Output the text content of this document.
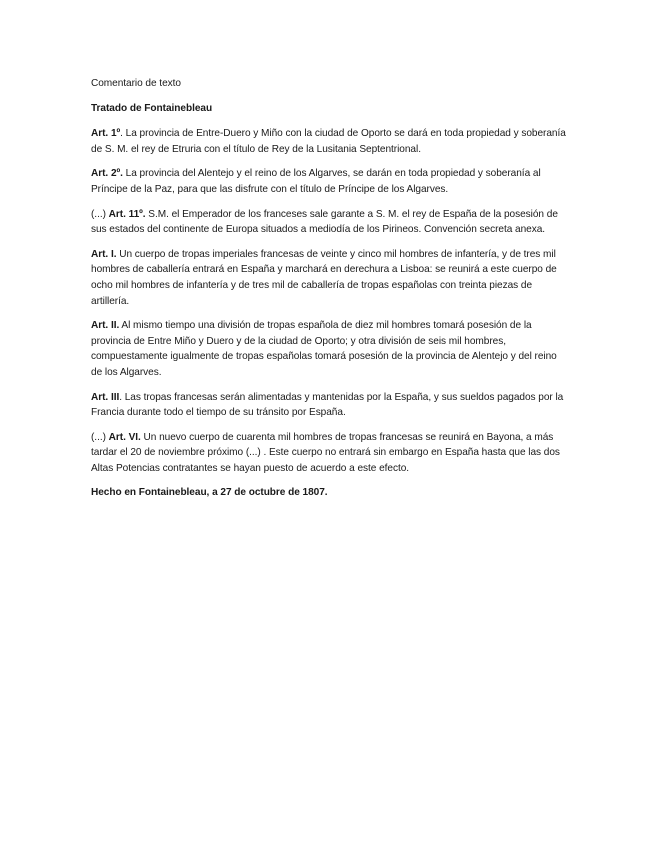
Comentario de texto
Tratado de Fontainebleau

Art. 1º. La provincia de Entre-Duero y Miño con la ciudad de Oporto se dará en toda propiedad y soberanía de S. M. el rey de Etruria con el título de Rey de la Lusitania Septentrional.

Art. 2º. La provincia del Alentejo y el reino de los Algarves, se darán en toda propiedad y soberanía al Príncipe de la Paz, para que las disfrute con el título de Príncipe de los Algarves.

(...) Art. 11º. S.M. el Emperador de los franceses sale garante a S. M. el rey de España de la posesión de sus estados del continente de Europa situados a mediodía de los Pirineos. Convención secreta anexa.

Art. I. Un cuerpo de tropas imperiales francesas de veinte y cinco mil hombres de infantería, y de tres mil hombres de caballería entrará en España y marchará en derechura a Lisboa: se reunirá a este cuerpo de ocho mil hombres de infantería y de tres mil de caballería de tropas españolas con treinta piezas de artillería.

Art. II. Al mismo tiempo una división de tropas española de diez mil hombres tomará posesión de la provincia de Entre Miño y Duero y de la ciudad de Oporto; y otra división de seis mil hombres, compuestamente igualmente de tropas españolas tomará posesión de la provincia de Alentejo y del reino de los Algarves.

Art. III. Las tropas francesas serán alimentadas y mantenidas por la España, y sus sueldos pagados por la Francia durante todo el tiempo de su tránsito por España.

(...) Art. VI. Un nuevo cuerpo de cuarenta mil hombres de tropas francesas se reunirá en Bayona, a más tardar el 20 de noviembre próximo (...) . Este cuerpo no entrará sin embargo en España hasta que las dos Altas Potencias contratantes se hayan puesto de acuerdo a este efecto.

Hecho en Fontainebleau, a 27 de octubre de 1807.
